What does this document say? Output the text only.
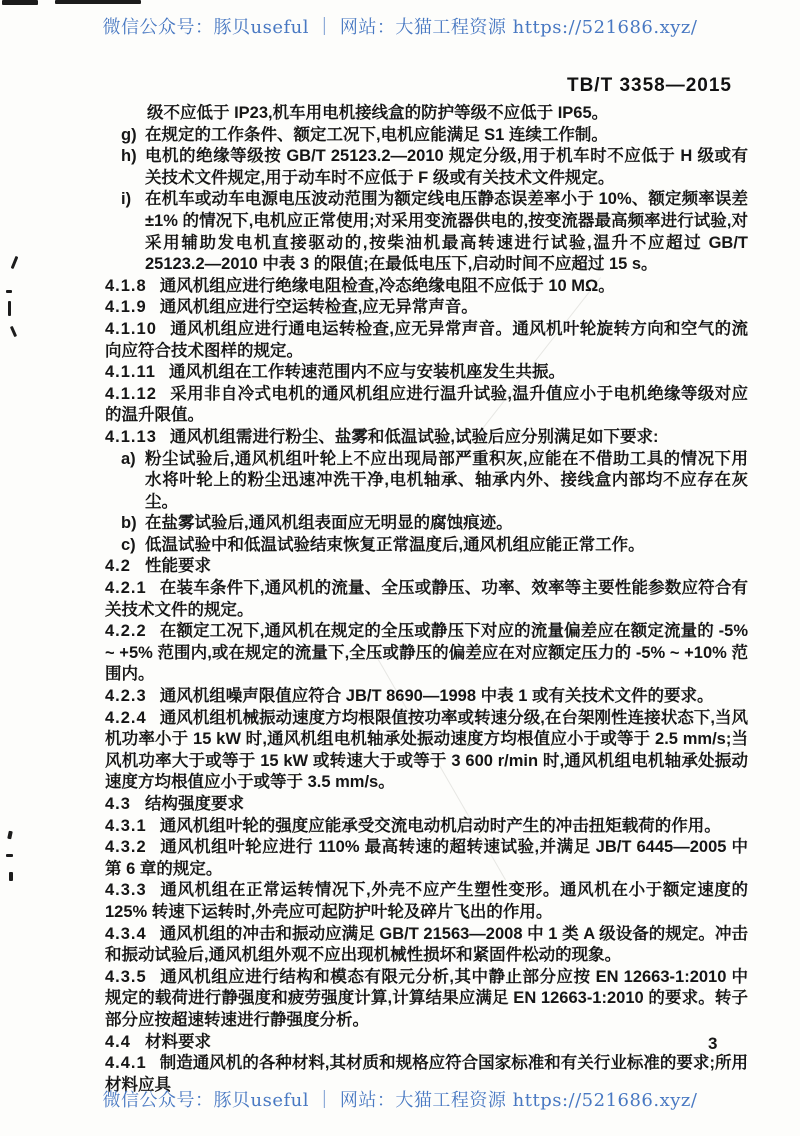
微信公众号：豚贝useful ｜ 网站：大猫工程资源 https://521686.xyz/
TB/T 3358—2015

级不应低于 IP23,机车用电机接线盒的防护等级不应低于 IP65。

g) 在规定的工作条件、额定工况下,电机应能满足 S1 连续工作制。

h) 电机的绝缘等级按 GB/T 25123.2—2010 规定分级,用于机车时不应低于 H 级或有关技术文件规定,用于动车时不应低于 F 级或有关技术文件规定。

i) 在机车或动车电源电压波动范围为额定线电压静态误差率小于 10%、额定频率误差 ±1% 的情况下,电机应正常使用;对采用变流器供电的,按变流器最高频率进行试验,对采用辅助发电机直接驱动的,按柴油机最高转速进行试验,温升不应超过 GB/T 25123.2—2010 中表 3 的限值;在最低电压下,启动时间不应超过 15 s。

4.1.8 通风机组应进行绝缘电阻检查,冷态绝缘电阻不应低于 10 MΩ。

4.1.9 通风机组应进行空运转检查,应无异常声音。

4.1.10 通风机组应进行通电运转检查,应无异常声音。通风机叶轮旋转方向和空气的流向应符合技术图样的规定。

4.1.11 通风机组在工作转速范围内不应与安装机座发生共振。

4.1.12 采用非自冷式电机的通风机组应进行温升试验,温升值应小于电机绝缘等级对应的温升限值。

4.1.13 通风机组需进行粉尘、盐雾和低温试验,试验后应分别满足如下要求:

a) 粉尘试验后,通风机组叶轮上不应出现局部严重积灰,应能在不借助工具的情况下用水将叶轮上的粉尘迅速冲洗干净,电机轴承、轴承内外、接线盒内部均不应存在灰尘。

b) 在盐雾试验后,通风机组表面应无明显的腐蚀痕迹。

c) 低温试验中和低温试验结束恢复正常温度后,通风机组应能正常工作。

4.2 性能要求

4.2.1 在装车条件下,通风机的流量、全压或静压、功率、效率等主要性能参数应符合有关技术文件的规定。

4.2.2 在额定工况下,通风机在规定的全压或静压下对应的流量偏差应在额定流量的 -5% ~ +5% 范围内,或在规定的流量下,全压或静压的偏差应在对应额定压力的 -5% ~ +10% 范围内。

4.2.3 通风机组噪声限值应符合 JB/T 8690—1998 中表 1 或有关技术文件的要求。

4.2.4 通风机组机械振动速度方均根限值按功率或转速分级,在台架刚性连接状态下,当风机功率小于 15 kW 时,通风机组电机轴承处振动速度方均根值应小于或等于 2.5 mm/s;当风机功率大于或等于 15 kW 或转速大于或等于 3 600 r/min 时,通风机组电机轴承处振动速度方均根值应小于或等于 3.5 mm/s。

4.3 结构强度要求

4.3.1 通风机组叶轮的强度应能承受交流电动机启动时产生的冲击扭矩载荷的作用。

4.3.2 通风机组叶轮应进行 110% 最高转速的超转速试验,并满足 JB/T 6445—2005 中第 6 章的规定。

4.3.3 通风机组在正常运转情况下,外壳不应产生塑性变形。通风机在小于额定速度的 125% 转速下运转时,外壳应可起防护叶轮及碎片飞出的作用。

4.3.4 通风机组的冲击和振动应满足 GB/T 21563—2008 中 1 类 A 级设备的规定。冲击和振动试验后,通风机组外观不应出现机械性损坏和紧固件松动的现象。

4.3.5 通风机组应进行结构和模态有限元分析,其中静止部分应按 EN 12663-1:2010 中规定的载荷进行静强度和疲劳强度计算,计算结果应满足 EN 12663-1:2010 的要求。转子部分应按超速转速进行静强度分析。

4.4 材料要求

4.4.1 制造通风机的各种材料,其材质和规格应符合国家标准和有关行业标准的要求;所用材料应具

3
微信公众号：豚贝useful ｜ 网站：大猫工程资源 https://521686.xyz/
